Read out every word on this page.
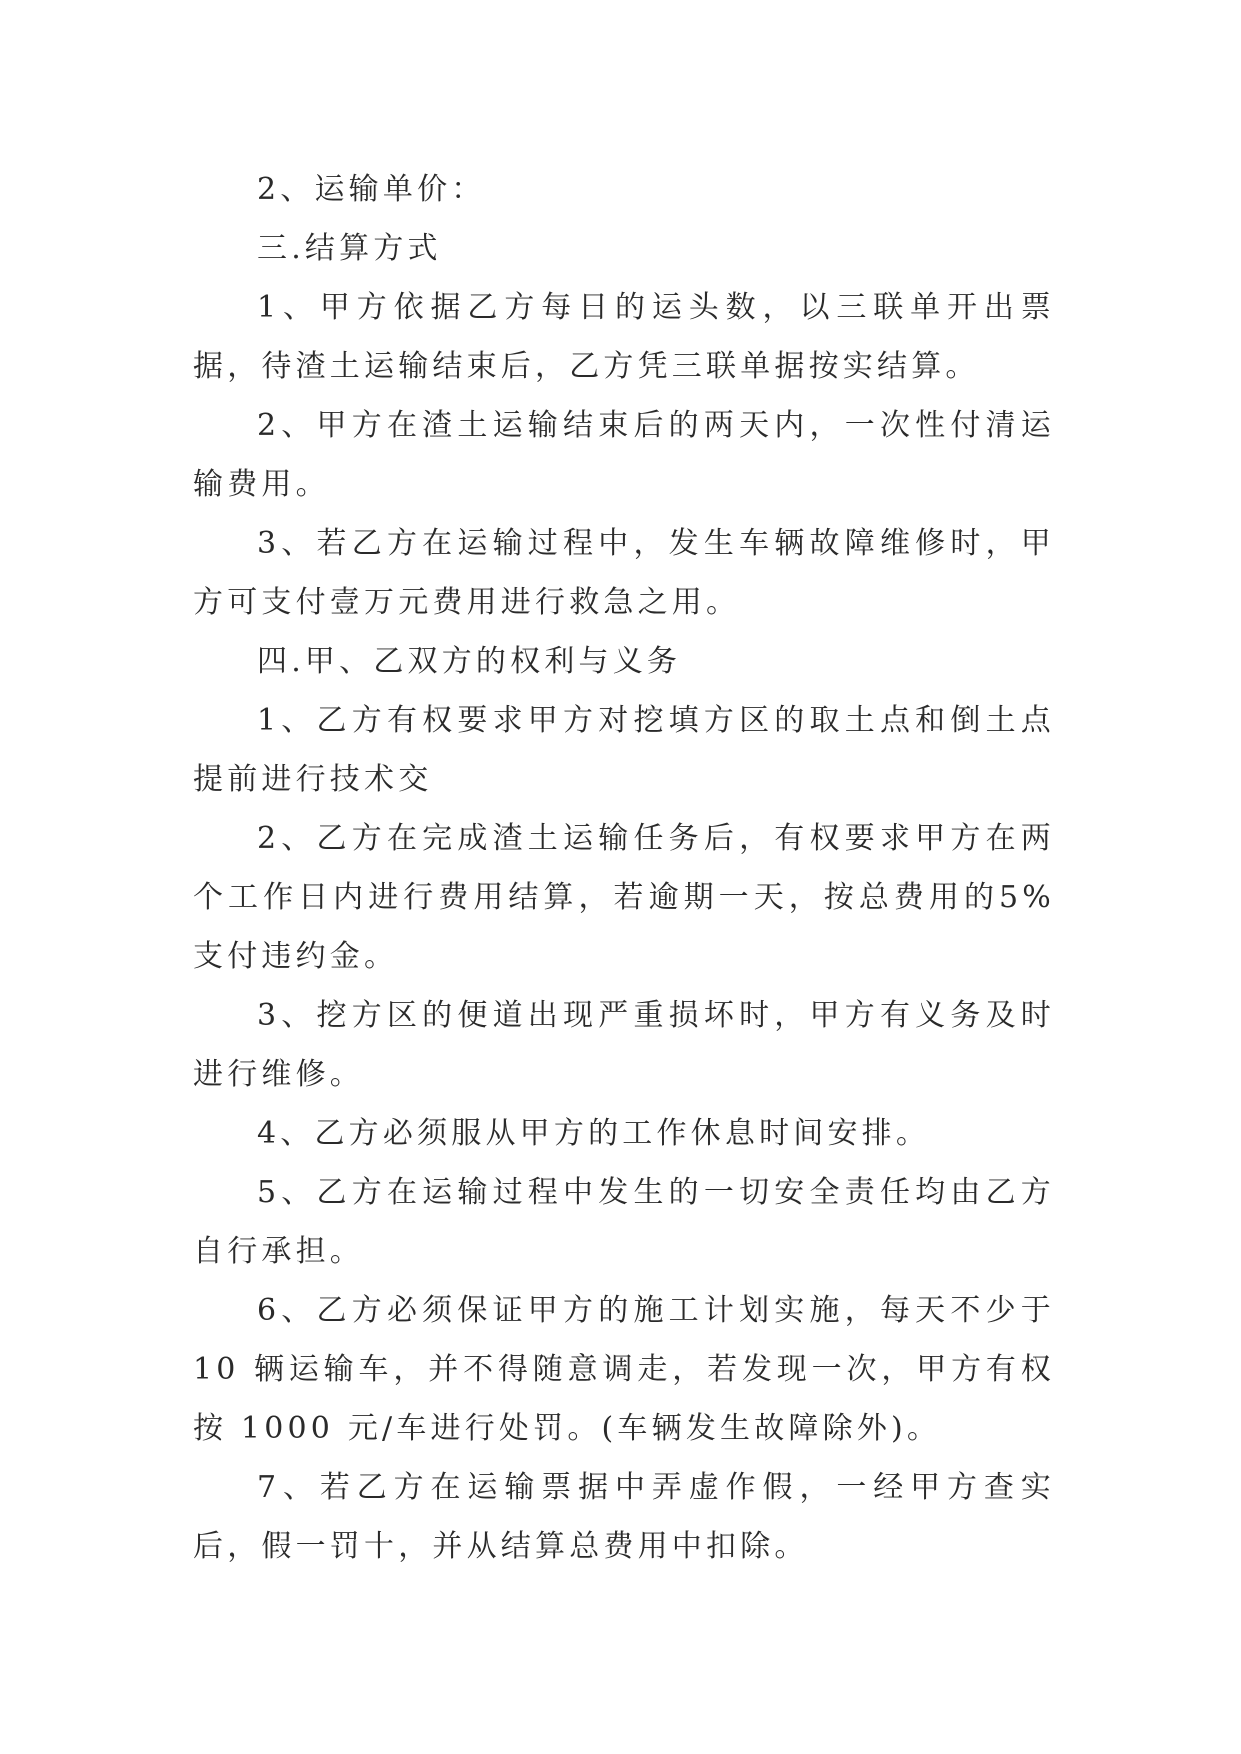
2、运输单价：

三.结算方式

1、甲方依据乙方每日的运头数，以三联单开出票据，待渣土运输结束后，乙方凭三联单据按实结算。

2、甲方在渣土运输结束后的两天内，一次性付清运输费用。

3、若乙方在运输过程中，发生车辆故障维修时，甲方可支付壹万元费用进行救急之用。

四.甲、乙双方的权利与义务

1、乙方有权要求甲方对挖填方区的取土点和倒土点提前进行技术交

2、乙方在完成渣土运输任务后，有权要求甲方在两个工作日内进行费用结算，若逾期一天，按总费用的5%支付违约金。

3、挖方区的便道出现严重损坏时，甲方有义务及时进行维修。

4、乙方必须服从甲方的工作休息时间安排。

5、乙方在运输过程中发生的一切安全责任均由乙方自行承担。

6、乙方必须保证甲方的施工计划实施，每天不少于 10 辆运输车，并不得随意调走，若发现一次，甲方有权按 1000 元/车进行处罚。(车辆发生故障除外)。

7、若乙方在运输票据中弄虚作假，一经甲方查实后，假一罚十，并从结算总费用中扣除。
